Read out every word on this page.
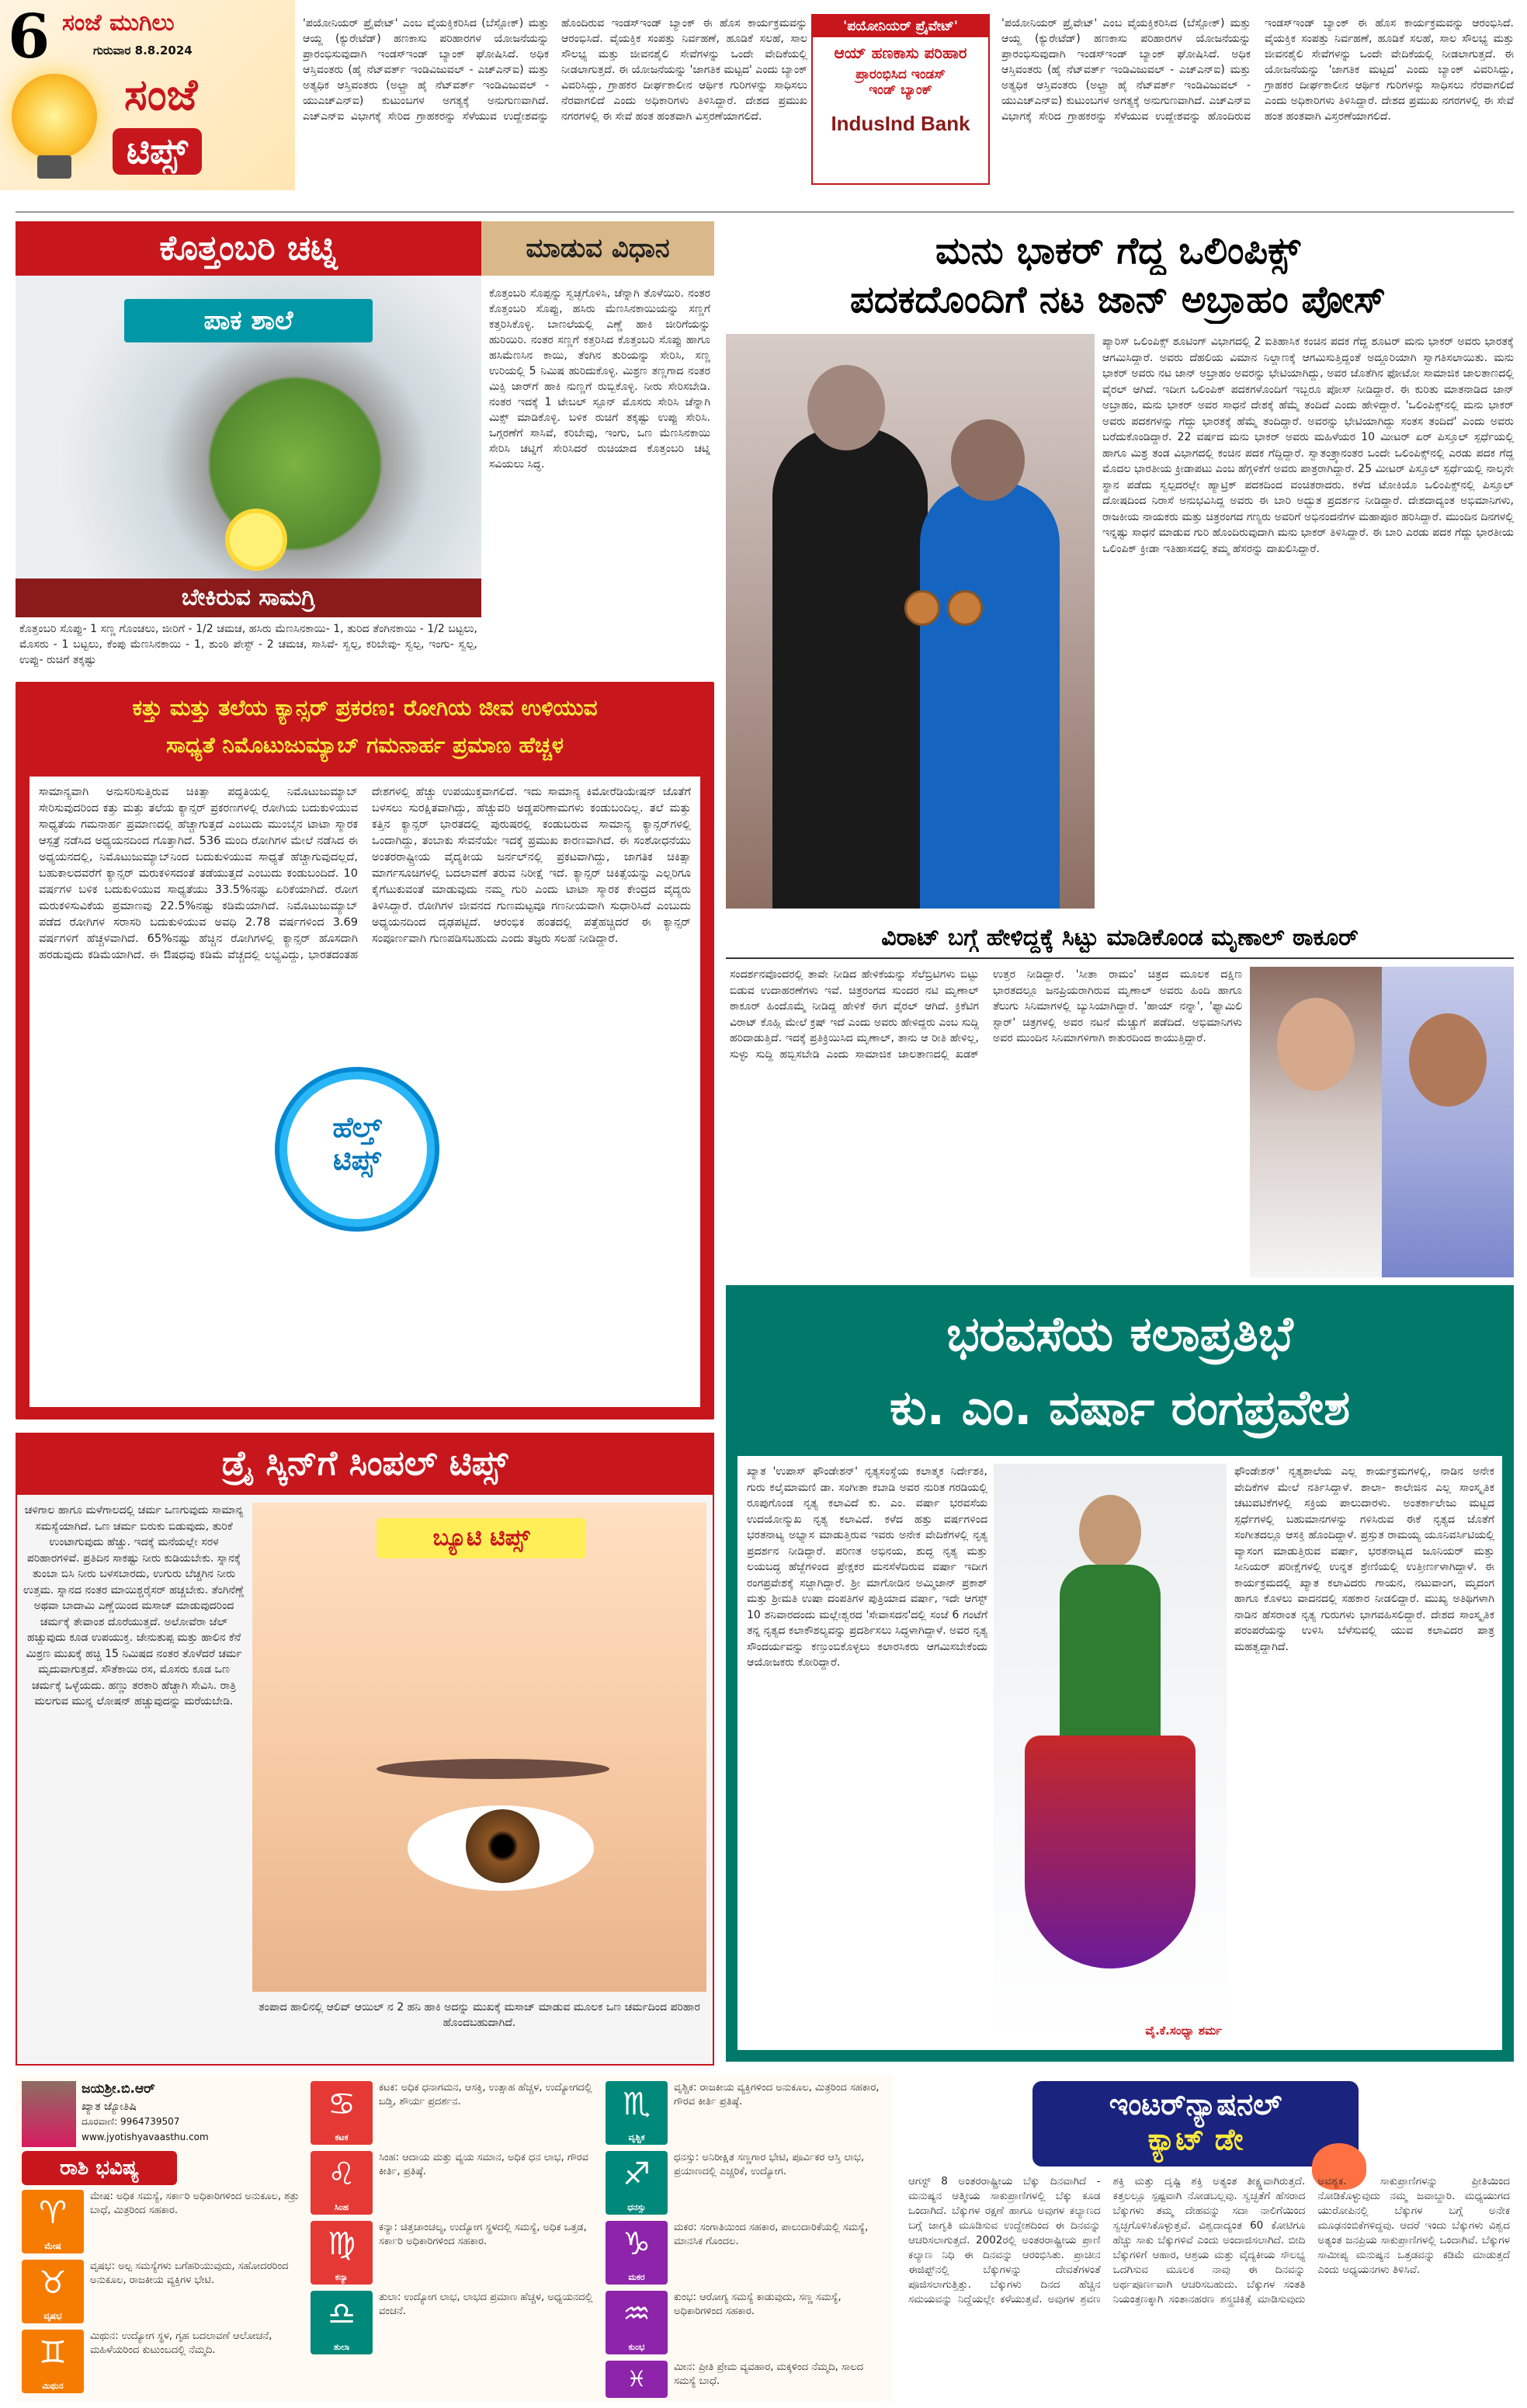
6 ಸಂಜೆ ಮುಗಿಲು
ಗುರುವಾರ 8.8.2024
ಸಂಜೆ
ಟಿಪ್ಸ್
'ಪಯೋನಿಯರ್ ಪ್ರೈವೇಟ್' ಎಂಬ ವೈಯಕ್ತಿಕರಿಸಿದ (ಬೆಸ್ಪೋಕ್) ಮತ್ತು ಆಯ್ದ (ಕ್ಯುರೇಟೆಡ್) ಹಣಕಾಸು ಪರಿಹಾರಗಳ ಯೋಜನೆಯನ್ನು ಪ್ರಾರಂಭಿಸುವುದಾಗಿ ಇಂಡಸ್‌ಇಂಡ್ ಬ್ಯಾಂಕ್ ಘೋಷಿಸಿದೆ. ಅಧಿಕ ಆಸ್ತಿವಂತರು (ಹೈ ನೆಟ್‌ವರ್ತ್ ಇಂಡಿವಿಜುವಲ್ - ಎಚ್‌ಎನ್‌ಐ) ಮತ್ತು ಅತ್ಯಧಿಕ ಆಸ್ತಿವಂತರು (ಅಲ್ಟ್ರಾ ಹೈ ನೆಟ್‌ವರ್ತ್ ಇಂಡಿವಿಜುವಲ್ - ಯುಎಚ್‌ಎನ್‌ಐ) ಕುಟುಂಬಗಳ ಅಗತ್ಯಕ್ಕೆ ಅನುಗುಣವಾಗಿದೆ. ಎಚ್‌ಎನ್‌ಐ ವಿಭಾಗಕ್ಕೆ ಸೇರಿದ ಗ್ರಾಹಕರನ್ನು ಸೆಳೆಯುವ ಉದ್ದೇಶವನ್ನು ಹೊಂದಿರುವ ಇಂಡಸ್‌ಇಂಡ್ ಬ್ಯಾಂಕ್ ಈ ಹೊಸ ಕಾರ್ಯಕ್ರಮವನ್ನು ಆರಂಭಿಸಿದೆ. ವೈಯಕ್ತಿಕ ಸಂಪತ್ತು ನಿರ್ವಹಣೆ, ಹೂಡಿಕೆ ಸಲಹೆ, ಸಾಲ ಸೌಲಭ್ಯ ಮತ್ತು ಜೀವನಶೈಲಿ ಸೇವೆಗಳನ್ನು ಒಂದೇ ವೇದಿಕೆಯಲ್ಲಿ ನೀಡಲಾಗುತ್ತದೆ. ಈ ಯೋಜನೆಯನ್ನು 'ಜಾಗತಿಕ ಮಟ್ಟದ' ಎಂದು ಬ್ಯಾಂಕ್ ವಿವರಿಸಿದ್ದು, ಗ್ರಾಹಕರ ದೀರ್ಘಕಾಲೀನ ಆರ್ಥಿಕ ಗುರಿಗಳನ್ನು ಸಾಧಿಸಲು ನೆರವಾಗಲಿದೆ ಎಂದು ಅಧಿಕಾರಿಗಳು ತಿಳಿಸಿದ್ದಾರೆ. ದೇಶದ ಪ್ರಮುಖ ನಗರಗಳಲ್ಲಿ ಈ ಸೇವೆ ಹಂತ ಹಂತವಾಗಿ ವಿಸ್ತರಣೆಯಾಗಲಿದೆ.
'ಪಯೋನಿಯರ್ ಪ್ರೈವೇಟ್'
ಆಯ್ ಹಣಕಾಸು ಪರಿಹಾರ
ಪ್ರಾರಂಭಿಸಿದ ಇಂಡಸ್
ಇಂಡ್ ಬ್ಯಾಂಕ್
IndusInd Bank
'ಪಯೋನಿಯರ್ ಪ್ರೈವೇಟ್' ಎಂಬ ವೈಯಕ್ತಿಕರಿಸಿದ (ಬೆಸ್ಪೋಕ್) ಮತ್ತು ಆಯ್ದ (ಕ್ಯುರೇಟೆಡ್) ಹಣಕಾಸು ಪರಿಹಾರಗಳ ಯೋಜನೆಯನ್ನು ಪ್ರಾರಂಭಿಸುವುದಾಗಿ ಇಂಡಸ್‌ಇಂಡ್ ಬ್ಯಾಂಕ್ ಘೋಷಿಸಿದೆ. ಅಧಿಕ ಆಸ್ತಿವಂತರು (ಹೈ ನೆಟ್‌ವರ್ತ್ ಇಂಡಿವಿಜುವಲ್ - ಎಚ್‌ಎನ್‌ಐ) ಮತ್ತು ಅತ್ಯಧಿಕ ಆಸ್ತಿವಂತರು (ಅಲ್ಟ್ರಾ ಹೈ ನೆಟ್‌ವರ್ತ್ ಇಂಡಿವಿಜುವಲ್ - ಯುಎಚ್‌ಎನ್‌ಐ) ಕುಟುಂಬಗಳ ಅಗತ್ಯಕ್ಕೆ ಅನುಗುಣವಾಗಿದೆ. ಎಚ್‌ಎನ್‌ಐ ವಿಭಾಗಕ್ಕೆ ಸೇರಿದ ಗ್ರಾಹಕರನ್ನು ಸೆಳೆಯುವ ಉದ್ದೇಶವನ್ನು ಹೊಂದಿರುವ ಇಂಡಸ್‌ಇಂಡ್ ಬ್ಯಾಂಕ್ ಈ ಹೊಸ ಕಾರ್ಯಕ್ರಮವನ್ನು ಆರಂಭಿಸಿದೆ. ವೈಯಕ್ತಿಕ ಸಂಪತ್ತು ನಿರ್ವಹಣೆ, ಹೂಡಿಕೆ ಸಲಹೆ, ಸಾಲ ಸೌಲಭ್ಯ ಮತ್ತು ಜೀವನಶೈಲಿ ಸೇವೆಗಳನ್ನು ಒಂದೇ ವೇದಿಕೆಯಲ್ಲಿ ನೀಡಲಾಗುತ್ತದೆ. ಈ ಯೋಜನೆಯನ್ನು 'ಜಾಗತಿಕ ಮಟ್ಟದ' ಎಂದು ಬ್ಯಾಂಕ್ ವಿವರಿಸಿದ್ದು, ಗ್ರಾಹಕರ ದೀರ್ಘಕಾಲೀನ ಆರ್ಥಿಕ ಗುರಿಗಳನ್ನು ಸಾಧಿಸಲು ನೆರವಾಗಲಿದೆ ಎಂದು ಅಧಿಕಾರಿಗಳು ತಿಳಿಸಿದ್ದಾರೆ. ದೇಶದ ಪ್ರಮುಖ ನಗರಗಳಲ್ಲಿ ಈ ಸೇವೆ ಹಂತ ಹಂತವಾಗಿ ವಿಸ್ತರಣೆಯಾಗಲಿದೆ.
ಕೊತ್ತಂಬರಿ ಚಟ್ನಿ	ಮಾಡುವ ವಿಧಾನ
ಪಾಕ ಶಾಲೆ
ಬೇಕಿರುವ ಸಾಮಗ್ರಿ
ಕೊತ್ತಂಬರಿ ಸೊಪ್ಪು- 1 ಸಣ್ಣ ಗೊಂಚಲು, ಜೀರಿಗೆ - 1/2 ಚಮಚ, ಹಸಿರು ಮೆಣಸಿನಕಾಯಿ- 1, ತುರಿದ ತೆಂಗಿನಕಾಯಿ - 1/2 ಬಟ್ಟಲು, ಮೊಸರು - 1 ಬಟ್ಟಲು, ಕೆಂಪು ಮೆಣಸಿನಕಾಯಿ - 1, ಶುಂಠಿ ಪೇಸ್ಟ್ - 2 ಚಮಚ, ಸಾಸಿವೆ- ಸ್ವಲ್ಪ, ಕರಿಬೇವು- ಸ್ವಲ್ಪ, ಇಂಗು- ಸ್ವಲ್ಪ, ಉಪ್ಪು- ರುಚಿಗೆ ತಕ್ಕಷ್ಟು
ಕೊತ್ತಂಬರಿ ಸೊಪ್ಪನ್ನು ಸ್ವಚ್ಛಗೊಳಿಸಿ, ಚೆನ್ನಾಗಿ ತೊಳೆಯಿರಿ. ನಂತರ ಕೊತ್ತಂಬರಿ ಸೊಪ್ಪು, ಹಸಿರು ಮೆಣಸಿನಕಾಯಿಯನ್ನು ಸಣ್ಣಗೆ ಕತ್ತರಿಸಿಕೊಳ್ಳಿ. ಬಾಣಲೆಯಲ್ಲಿ ಎಣ್ಣೆ ಹಾಕಿ ಜೀರಿಗೆಯನ್ನು ಹುರಿಯಿರಿ. ನಂತರ ಸಣ್ಣಗೆ ಕತ್ತರಿಸಿದ ಕೊತ್ತಂಬರಿ ಸೊಪ್ಪು ಹಾಗೂ ಹಸಿಮೆಣಸಿನ ಕಾಯಿ, ತೆಂಗಿನ ತುರಿಯನ್ನು ಸೇರಿಸಿ, ಸಣ್ಣ ಉರಿಯಲ್ಲಿ 5 ನಿಮಿಷ ಹುರಿದುಕೊಳ್ಳಿ. ಮಿಶ್ರಣ ತಣ್ಣಗಾದ ನಂತರ ಮಿಕ್ಸಿ ಜಾರ್‌ಗೆ ಹಾಕಿ ನುಣ್ಣಗೆ ರುಬ್ಬಿಕೊಳ್ಳಿ. ನೀರು ಸೇರಿಸಬೇಡಿ. ನಂತರ ಇದಕ್ಕೆ 1 ಟೇಬಲ್ ಸ್ಪೂನ್ ಮೊಸರು ಸೇರಿಸಿ ಚೆನ್ನಾಗಿ ಮಿಕ್ಸ್ ಮಾಡಿಕೊಳ್ಳಿ. ಬಳಿಕ ರುಚಿಗೆ ತಕ್ಕಷ್ಟು ಉಪ್ಪು ಸೇರಿಸಿ. ಒಗ್ಗರಣೆಗೆ ಸಾಸಿವೆ, ಕರಿಬೇವು, ಇಂಗು, ಒಣ ಮೆಣಸಿನಕಾಯಿ ಸೇರಿಸಿ ಚಟ್ನಿಗೆ ಸೇರಿಸಿದರೆ ರುಚಿಯಾದ ಕೊತ್ತಂಬರಿ ಚಟ್ನಿ ಸವಿಯಲು ಸಿದ್ಧ.
ಮನು ಭಾಕರ್ ಗೆದ್ದ ಒಲಿಂಪಿಕ್ಸ್
ಪದಕದೊಂದಿಗೆ ನಟ ಜಾನ್ ಅಬ್ರಾಹಂ ಪೋಸ್
ಪ್ಯಾರಿಸ್ ಒಲಿಂಪಿಕ್ಸ್ ಶೂಟಿಂಗ್ ವಿಭಾಗದಲ್ಲಿ 2 ಐತಿಹಾಸಿಕ ಕಂಚಿನ ಪದಕ ಗೆದ್ದ ಶೂಟರ್ ಮನು ಭಾಕರ್ ಅವರು ಭಾರತಕ್ಕೆ ಆಗಮಿಸಿದ್ದಾರೆ. ಅವರು ದೆಹಲಿಯ ವಿಮಾನ ನಿಲ್ದಾಣಕ್ಕೆ ಆಗಮಿಸುತ್ತಿದ್ದಂತೆ ಅದ್ದೂರಿಯಾಗಿ ಸ್ವಾಗತಿಸಲಾಯಿತು. ಮನು ಭಾಕರ್ ಅವರು ನಟ ಜಾನ್ ಅಬ್ರಾಹಂ ಅವರನ್ನು ಭೇಟಿಯಾಗಿದ್ದು, ಅವರ ಜೊತೆಗಿನ ಫೋಟೋ ಸಾಮಾಜಿಕ ಜಾಲತಾಣದಲ್ಲಿ ವೈರಲ್ ಆಗಿದೆ. ಇದೀಗ ಒಲಿಂಪಿಕ್ ಪದಕಗಳೊಂದಿಗೆ ಇಬ್ಬರೂ ಪೋಸ್ ನೀಡಿದ್ದಾರೆ. ಈ ಕುರಿತು ಮಾತನಾಡಿದ ಜಾನ್ ಅಬ್ರಾಹಂ, ಮನು ಭಾಕರ್ ಅವರ ಸಾಧನೆ ದೇಶಕ್ಕೆ ಹೆಮ್ಮೆ ತಂದಿದೆ ಎಂದು ಹೇಳಿದ್ದಾರೆ. 'ಒಲಿಂಪಿಕ್ಸ್‌ನಲ್ಲಿ ಮನು ಭಾಕರ್ ಅವರು ಪದಕಗಳನ್ನು ಗೆದ್ದು ಭಾರತಕ್ಕೆ ಹೆಮ್ಮೆ ತಂದಿದ್ದಾರೆ. ಅವರನ್ನು ಭೇಟಿಯಾಗಿದ್ದು ಸಂತಸ ತಂದಿದೆ' ಎಂದು ಅವರು ಬರೆದುಕೊಂಡಿದ್ದಾರೆ. 22 ವರ್ಷದ ಮನು ಭಾಕರ್ ಅವರು ಮಹಿಳೆಯರ 10 ಮೀಟರ್ ಏರ್ ಪಿಸ್ತೂಲ್ ಸ್ಪರ್ಧೆಯಲ್ಲಿ ಹಾಗೂ ಮಿಶ್ರ ತಂಡ ವಿಭಾಗದಲ್ಲಿ ಕಂಚಿನ ಪದಕ ಗೆದ್ದಿದ್ದಾರೆ. ಸ್ವಾತಂತ್ರ್ಯಾನಂತರ ಒಂದೇ ಒಲಿಂಪಿಕ್ಸ್‌ನಲ್ಲಿ ಎರಡು ಪದಕ ಗೆದ್ದ ಮೊದಲ ಭಾರತೀಯ ಕ್ರೀಡಾಪಟು ಎಂಬ ಹೆಗ್ಗಳಿಕೆಗೆ ಅವರು ಪಾತ್ರರಾಗಿದ್ದಾರೆ. 25 ಮೀಟರ್ ಪಿಸ್ತೂಲ್ ಸ್ಪರ್ಧೆಯಲ್ಲಿ ನಾಲ್ಕನೇ ಸ್ಥಾನ ಪಡೆದು ಸ್ವಲ್ಪದರಲ್ಲೇ ಹ್ಯಾಟ್ರಿಕ್ ಪದಕದಿಂದ ವಂಚಿತರಾದರು. ಕಳೆದ ಟೋಕಿಯೊ ಒಲಿಂಪಿಕ್ಸ್‌ನಲ್ಲಿ ಪಿಸ್ತೂಲ್ ದೋಷದಿಂದ ನಿರಾಸೆ ಅನುಭವಿಸಿದ್ದ ಅವರು ಈ ಬಾರಿ ಅದ್ಭುತ ಪ್ರದರ್ಶನ ನೀಡಿದ್ದಾರೆ. ದೇಶದಾದ್ಯಂತ ಅಭಿಮಾನಿಗಳು, ರಾಜಕೀಯ ನಾಯಕರು ಮತ್ತು ಚಿತ್ರರಂಗದ ಗಣ್ಯರು ಅವರಿಗೆ ಅಭಿನಂದನೆಗಳ ಮಹಾಪೂರ ಹರಿಸಿದ್ದಾರೆ. ಮುಂದಿನ ದಿನಗಳಲ್ಲಿ ಇನ್ನಷ್ಟು ಸಾಧನೆ ಮಾಡುವ ಗುರಿ ಹೊಂದಿರುವುದಾಗಿ ಮನು ಭಾಕರ್ ತಿಳಿಸಿದ್ದಾರೆ. ಈ ಬಾರಿ ಎರಡು ಪದಕ ಗೆದ್ದು ಭಾರತೀಯ ಒಲಿಂಪಿಕ್ ಕ್ರೀಡಾ ಇತಿಹಾಸದಲ್ಲಿ ತಮ್ಮ ಹೆಸರನ್ನು ದಾಖಲಿಸಿದ್ದಾರೆ.
ಕತ್ತು ಮತ್ತು ತಲೆಯ ಕ್ಯಾನ್ಸರ್ ಪ್ರಕರಣ: ರೋಗಿಯ ಜೀವ ಉಳಿಯುವ
ಸಾಧ್ಯತೆ ನಿಮೊಟುಜುಮ್ಯಾಬ್ ಗಮನಾರ್ಹ ಪ್ರಮಾಣ ಹೆಚ್ಚಳ
ಸಾಮಾನ್ಯವಾಗಿ ಅನುಸರಿಸುತ್ತಿರುವ ಚಿಕಿತ್ಸಾ ಪದ್ಧತಿಯಲ್ಲಿ ನಿಮೊಟುಜುಮ್ಯಾಬ್ ಸೇರಿಸುವುದರಿಂದ ಕತ್ತು ಮತ್ತು ತಲೆಯ ಕ್ಯಾನ್ಸರ್ ಪ್ರಕರಣಗಳಲ್ಲಿ ರೋಗಿಯ ಬದುಕುಳಿಯುವ ಸಾಧ್ಯತೆಯ ಗಮನಾರ್ಹ ಪ್ರಮಾಣದಲ್ಲಿ ಹೆಚ್ಚಾಗುತ್ತದೆ ಎಂಬುದು ಮುಂಬೈನ ಟಾಟಾ ಸ್ಮಾರಕ ಆಸ್ಪತ್ರೆ ನಡೆಸಿದ ಅಧ್ಯಯನದಿಂದ ಗೊತ್ತಾಗಿದೆ. 536 ಮಂದಿ ರೋಗಿಗಳ ಮೇಲೆ ನಡೆಸಿದ ಈ ಅಧ್ಯಯನದಲ್ಲಿ, ನಿಮೊಟುಜುಮ್ಯಾಬ್‌ನಿಂದ ಬದುಕುಳಿಯುವ ಸಾಧ್ಯತೆ ಹೆಚ್ಚಾಗುವುದಲ್ಲದೆ, ಬಹುಕಾಲದವರೆಗೆ ಕ್ಯಾನ್ಸರ್ ಮರುಕಳಿಸದಂತೆ ತಡೆಯುತ್ತದೆ ಎಂಬುದು ಕಂಡುಬಂದಿದೆ. 10 ವರ್ಷಗಳ ಬಳಿಕ ಬದುಕುಳಿಯುವ ಸಾಧ್ಯತೆಯು 33.5%ನಷ್ಟು ಏರಿಕೆಯಾಗಿದೆ. ರೋಗ ಮರುಕಳಿಸುವಿಕೆಯ ಪ್ರಮಾಣವು 22.5%ನಷ್ಟು ಕಡಿಮೆಯಾಗಿದೆ. ನಿಮೊಟುಜುಮ್ಯಾಬ್ ಪಡೆದ ರೋಗಿಗಳ ಸರಾಸರಿ ಬದುಕುಳಿಯುವ ಅವಧಿ 2.78 ವರ್ಷಗಳಿಂದ 3.69 ವರ್ಷಗಳಿಗೆ ಹೆಚ್ಚಳವಾಗಿದೆ. 65%ನಷ್ಟು ಹೆಚ್ಚಿನ ರೋಗಿಗಳಲ್ಲಿ ಕ್ಯಾನ್ಸರ್ ಹೊಸದಾಗಿ ಹರಡುವುದು ಕಡಿಮೆಯಾಗಿದೆ. ಈ ಔಷಧವು ಕಡಿಮೆ ವೆಚ್ಚದಲ್ಲಿ ಲಭ್ಯವಿದ್ದು, ಭಾರತದಂತಹ ದೇಶಗಳಲ್ಲಿ ಹೆಚ್ಚು ಉಪಯುಕ್ತವಾಗಲಿದೆ. ಇದು ಸಾಮಾನ್ಯ ಕಿಮೋರೆಡಿಯೇಷನ್ ಜೊತೆಗೆ ಬಳಸಲು ಸುರಕ್ಷಿತವಾಗಿದ್ದು, ಹೆಚ್ಚುವರಿ ಅಡ್ಡಪರಿಣಾಮಗಳು ಕಂಡುಬಂದಿಲ್ಲ. ತಲೆ ಮತ್ತು ಕತ್ತಿನ ಕ್ಯಾನ್ಸರ್ ಭಾರತದಲ್ಲಿ ಪುರುಷರಲ್ಲಿ ಕಂಡುಬರುವ ಸಾಮಾನ್ಯ ಕ್ಯಾನ್ಸರ್‌ಗಳಲ್ಲಿ ಒಂದಾಗಿದ್ದು, ತಂಬಾಕು ಸೇವನೆಯೇ ಇದಕ್ಕೆ ಪ್ರಮುಖ ಕಾರಣವಾಗಿದೆ. ಈ ಸಂಶೋಧನೆಯು ಅಂತರರಾಷ್ಟ್ರೀಯ ವೈದ್ಯಕೀಯ ಜರ್ನಲ್‌ನಲ್ಲಿ ಪ್ರಕಟವಾಗಿದ್ದು, ಜಾಗತಿಕ ಚಿಕಿತ್ಸಾ ಮಾರ್ಗಸೂಚಿಗಳಲ್ಲಿ ಬದಲಾವಣೆ ತರುವ ನಿರೀಕ್ಷೆ ಇದೆ. ಕ್ಯಾನ್ಸರ್ ಚಿಕಿತ್ಸೆಯನ್ನು ಎಲ್ಲರಿಗೂ ಕೈಗೆಟುಕುವಂತೆ ಮಾಡುವುದು ನಮ್ಮ ಗುರಿ ಎಂದು ಟಾಟಾ ಸ್ಮಾರಕ ಕೇಂದ್ರದ ವೈದ್ಯರು ತಿಳಿಸಿದ್ದಾರೆ. ರೋಗಿಗಳ ಜೀವನದ ಗುಣಮಟ್ಟವೂ ಗಣನೀಯವಾಗಿ ಸುಧಾರಿಸಿದೆ ಎಂಬುದು ಅಧ್ಯಯನದಿಂದ ದೃಢಪಟ್ಟಿದೆ. ಆರಂಭಿಕ ಹಂತದಲ್ಲಿ ಪತ್ತೆಹಚ್ಚಿದರೆ ಈ ಕ್ಯಾನ್ಸರ್ ಸಂಪೂರ್ಣವಾಗಿ ಗುಣಪಡಿಸಬಹುದು ಎಂದು ತಜ್ಞರು ಸಲಹೆ ನೀಡಿದ್ದಾರೆ.
ಹೆಲ್ತ್
ಟಿಪ್ಸ್
ವಿರಾಟ್ ಬಗ್ಗೆ ಹೇಳಿದ್ದಕ್ಕೆ ಸಿಟ್ಟು ಮಾಡಿಕೊಂಡ ಮೃಣಾಲ್ ಠಾಕೂರ್
ಸಂದರ್ಶನವೊಂದರಲ್ಲಿ ತಾವೇ ನೀಡಿದ ಹೇಳಿಕೆಯನ್ನು ಸೆಲೆಬ್ರಿಟಿಗಳು ಬಿಟ್ಟು ಬಿಡುವ ಉದಾಹರಣೆಗಳು ಇವೆ. ಚಿತ್ರರಂಗದ ಸುಂದರ ನಟಿ ಮೃಣಾಲ್ ಠಾಕೂರ್ ಹಿಂದೊಮ್ಮೆ ನೀಡಿದ್ದ ಹೇಳಿಕೆ ಈಗ ವೈರಲ್ ಆಗಿದೆ. ಕ್ರಿಕೆಟಿಗ ವಿರಾಟ್ ಕೊಹ್ಲಿ ಮೇಲೆ ಕ್ರಷ್ ಇದೆ ಎಂದು ಅವರು ಹೇಳಿದ್ದರು ಎಂಬ ಸುದ್ದಿ ಹರಿದಾಡುತ್ತಿದೆ. ಇದಕ್ಕೆ ಪ್ರತಿಕ್ರಿಯಿಸಿದ ಮೃಣಾಲ್, ತಾನು ಆ ರೀತಿ ಹೇಳಿಲ್ಲ, ಸುಳ್ಳು ಸುದ್ದಿ ಹಬ್ಬಿಸಬೇಡಿ ಎಂದು ಸಾಮಾಜಿಕ ಜಾಲತಾಣದಲ್ಲಿ ಖಡಕ್ ಉತ್ತರ ನೀಡಿದ್ದಾರೆ. 'ಸೀತಾ ರಾಮಂ' ಚಿತ್ರದ ಮೂಲಕ ದಕ್ಷಿಣ ಭಾರತದಲ್ಲೂ ಜನಪ್ರಿಯರಾಗಿರುವ ಮೃಣಾಲ್ ಅವರು ಹಿಂದಿ ಹಾಗೂ ತೆಲುಗು ಸಿನಿಮಾಗಳಲ್ಲಿ ಬ್ಯುಸಿಯಾಗಿದ್ದಾರೆ. 'ಹಾಯ್ ನನ್ನಾ', 'ಫ್ಯಾಮಿಲಿ ಸ್ಟಾರ್' ಚಿತ್ರಗಳಲ್ಲಿ ಅವರ ನಟನೆ ಮೆಚ್ಚುಗೆ ಪಡೆದಿದೆ. ಅಭಿಮಾನಿಗಳು ಅವರ ಮುಂದಿನ ಸಿನಿಮಾಗಳಿಗಾಗಿ ಕಾತುರದಿಂದ ಕಾಯುತ್ತಿದ್ದಾರೆ.
ಭರವಸೆಯ ಕಲಾಪ್ರತಿಭೆ
ಕು. ಎಂ. ವರ್ಷಾ ರಂಗಪ್ರವೇಶ
ಖ್ಯಾತ 'ಉಪಾಸ್ ಫೌಂಡೇಶನ್' ನೃತ್ಯಸಂಸ್ಥೆಯ ಕಲಾತ್ಮಕ ನಿರ್ದೇಶಕಿ, ಗುರು ಕಲೈಮಾಮಣಿ ಡಾ. ಸಂಗೀತಾ ಕಬಾಡಿ ಅವರ ನುರಿತ ಗರಡಿಯಲ್ಲಿ ರೂಪುಗೊಂಡ ನೃತ್ಯ ಕಲಾವಿದೆ ಕು. ಎಂ. ವರ್ಷಾ ಭರವಸೆಯ ಉದಯೋನ್ಮುಖ ನೃತ್ಯ ಕಲಾವಿದೆ. ಕಳೆದ ಹತ್ತು ವರ್ಷಗಳಿಂದ ಭರತನಾಟ್ಯ ಅಭ್ಯಾಸ ಮಾಡುತ್ತಿರುವ ಇವರು ಅನೇಕ ವೇದಿಕೆಗಳಲ್ಲಿ ನೃತ್ಯ ಪ್ರದರ್ಶನ ನೀಡಿದ್ದಾರೆ. ಪರಿಣತ ಅಭಿನಯ, ಶುದ್ಧ ನೃತ್ಯ ಮತ್ತು ಲಯಬದ್ಧ ಹೆಜ್ಜೆಗಳಿಂದ ಪ್ರೇಕ್ಷಕರ ಮನಸೆಳೆದಿರುವ ವರ್ಷಾ ಇದೀಗ ರಂಗಪ್ರವೇಶಕ್ಕೆ ಸಜ್ಜಾಗಿದ್ದಾರೆ. ಶ್ರೀ ಮಾಗೋಡಿನ ಅಮ್ಮಿಜಾನ್ ಪ್ರಕಾಶ್ ಮತ್ತು ಶ್ರೀಮತಿ ಉಷಾ ದಂಪತಿಗಳ ಪುತ್ರಿಯಾದ ವರ್ಷಾ, ಇದೇ ಆಗಸ್ಟ್ 10 ಶನಿವಾರದಂದು ಮಲ್ಲೇಶ್ವರದ 'ಸೇವಾಸದನ'ದಲ್ಲಿ ಸಂಜೆ 6 ಗಂಟೆಗೆ ತನ್ನ ನೃತ್ಯದ ಕಲಾಕೌಶಲ್ಯವನ್ನು ಪ್ರದರ್ಶಿಸಲು ಸಿದ್ಧಳಾಗಿದ್ದಾಳೆ. ಅವರ ನೃತ್ಯ ಸೌಂದರ್ಯವನ್ನು ಕಣ್ತುಂಬಿಕೊಳ್ಳಲು ಕಲಾರಸಿಕರು ಆಗಮಿಸಬೇಕೆಂದು ಆಯೋಜಕರು ಕೋರಿದ್ದಾರೆ.
ವೈ.ಕೆ.ಸಂಧ್ಯಾ ಶರ್ಮ
ಫೌಂಡೇಶನ್' ನೃತ್ಯಶಾಲೆಯ ಎಲ್ಲ ಕಾರ್ಯಕ್ರಮಗಳಲ್ಲಿ, ನಾಡಿನ ಅನೇಕ ವೇದಿಕೆಗಳ ಮೇಲೆ ನರ್ತಿಸಿದ್ದಾಳೆ. ಶಾಲಾ- ಕಾಲೇಜಿನ ಎಲ್ಲ ಸಾಂಸ್ಕೃತಿಕ ಚಟುವಟಿಕೆಗಳಲ್ಲಿ ಸಕ್ರಿಯ ಪಾಲುದಾರಳು. ಅಂತರ್ಕಾಲೇಜು ಮಟ್ಟದ ಸ್ಪರ್ಧೆಗಳಲ್ಲಿ ಬಹುಮಾನಗಳನ್ನು ಗಳಿಸಿರುವ ಈಕೆ ನೃತ್ಯದ ಜೊತೆಗೆ ಸಂಗೀತದಲ್ಲೂ ಆಸಕ್ತಿ ಹೊಂದಿದ್ದಾಳೆ. ಪ್ರಸ್ತುತ ರಾಮಯ್ಯ ಯೂನಿವರ್ಸಿಟಿಯಲ್ಲಿ ವ್ಯಾಸಂಗ ಮಾಡುತ್ತಿರುವ ವರ್ಷಾ, ಭರತನಾಟ್ಯದ ಜೂನಿಯರ್ ಮತ್ತು ಸೀನಿಯರ್ ಪರೀಕ್ಷೆಗಳಲ್ಲಿ ಉನ್ನತ ಶ್ರೇಣಿಯಲ್ಲಿ ಉತ್ತೀರ್ಣಳಾಗಿದ್ದಾಳೆ. ಈ ಕಾರ್ಯಕ್ರಮದಲ್ಲಿ ಖ್ಯಾತ ಕಲಾವಿದರು ಗಾಯನ, ನಟುವಾಂಗ, ಮೃದಂಗ ಹಾಗೂ ಕೊಳಲು ವಾದನದಲ್ಲಿ ಸಹಕಾರ ನೀಡಲಿದ್ದಾರೆ. ಮುಖ್ಯ ಅತಿಥಿಗಳಾಗಿ ನಾಡಿನ ಹೆಸರಾಂತ ನೃತ್ಯ ಗುರುಗಳು ಭಾಗವಹಿಸಲಿದ್ದಾರೆ. ದೇಶದ ಸಾಂಸ್ಕೃತಿಕ ಪರಂಪರೆಯನ್ನು ಉಳಿಸಿ ಬೆಳೆಸುವಲ್ಲಿ ಯುವ ಕಲಾವಿದರ ಪಾತ್ರ ಮಹತ್ವದ್ದಾಗಿದೆ.
ಡ್ರೈ ಸ್ಕಿನ್‌ಗೆ ಸಿಂಪಲ್ ಟಿಪ್ಸ್
ಚಳಿಗಾಲ ಹಾಗೂ ಮಳೆಗಾಲದಲ್ಲಿ ಚರ್ಮ ಒಣಗುವುದು ಸಾಮಾನ್ಯ ಸಮಸ್ಯೆಯಾಗಿದೆ. ಒಣ ಚರ್ಮ ಬಿರುಕು ಬಿಡುವುದು, ತುರಿಕೆ ಉಂಟಾಗುವುದು ಹೆಚ್ಚು. ಇದಕ್ಕೆ ಮನೆಯಲ್ಲೇ ಸರಳ ಪರಿಹಾರಗಳಿವೆ. ಪ್ರತಿದಿನ ಸಾಕಷ್ಟು ನೀರು ಕುಡಿಯಬೇಕು. ಸ್ನಾನಕ್ಕೆ ತುಂಬಾ ಬಿಸಿ ನೀರು ಬಳಸಬಾರದು, ಉಗುರು ಬೆಚ್ಚಗಿನ ನೀರು ಉತ್ತಮ. ಸ್ನಾನದ ನಂತರ ಮಾಯಿಶ್ಚರೈಸರ್ ಹಚ್ಚಬೇಕು. ತೆಂಗಿನೆಣ್ಣೆ ಅಥವಾ ಬಾದಾಮಿ ಎಣ್ಣೆಯಿಂದ ಮಸಾಜ್ ಮಾಡುವುದರಿಂದ ಚರ್ಮಕ್ಕೆ ತೇವಾಂಶ ದೊರೆಯುತ್ತದೆ. ಅಲೋವೆರಾ ಜೆಲ್ ಹಚ್ಚುವುದು ಕೂಡ ಉಪಯುಕ್ತ. ಜೇನುತುಪ್ಪ ಮತ್ತು ಹಾಲಿನ ಕೆನೆ ಮಿಶ್ರಣ ಮುಖಕ್ಕೆ ಹಚ್ಚಿ 15 ನಿಮಿಷದ ನಂತರ ತೊಳೆದರೆ ಚರ್ಮ ಮೃದುವಾಗುತ್ತದೆ. ಸೌತೆಕಾಯಿ ರಸ, ಮೊಸರು ಕೂಡ ಒಣ ಚರ್ಮಕ್ಕೆ ಒಳ್ಳೆಯದು. ಹಣ್ಣು ತರಕಾರಿ ಹೆಚ್ಚಾಗಿ ಸೇವಿಸಿ. ರಾತ್ರಿ ಮಲಗುವ ಮುನ್ನ ಲೋಷನ್ ಹಚ್ಚುವುದನ್ನು ಮರೆಯಬೇಡಿ.
ಬ್ಯೂಟಿ ಟಿಪ್ಸ್
ತಂಪಾದ ಹಾಲಿನಲ್ಲಿ ಆಲಿವ್ ಆಯಿಲ್ ನ 2 ಹನಿ ಹಾಕಿ ಅದನ್ನು ಮುಖಕ್ಕೆ ಮಸಾಜ್ ಮಾಡುವ ಮೂಲಕ ಒಣ ಚರ್ಮದಿಂದ ಪರಿಹಾರ ಹೊಂದಬಹುದಾಗಿದೆ.
ಜಯಶ್ರೀ.ಬಿ.ಆರ್
ಖ್ಯಾತ ಜ್ಯೋತಿಷಿ
ದೂರವಾಣಿ: 9964739507
www.jyotishyavaasthu.com
ರಾಶಿ ಭವಿಷ್ಯ
♈
ಮೇಷ
ಮೇಷ: ಅಧಿಕ ಸಮಸ್ಯೆ, ಸರ್ಕಾರಿ ಅಧಿಕಾರಿಗಳಿಂದ ಅನುಕೂಲ, ಶತ್ರು ಬಾಧೆ, ಮಿತ್ರರಿಂದ ಸಹಕಾರ.
♉
ವೃಷಭ
ವೃಷಭ: ಅಲ್ಪ ಸಮಸ್ಯೆಗಳು ಬಗೆಹರಿಯುವುದು, ಸಹೋದರರಿಂದ ಅನುಕೂಲ, ರಾಜಕೀಯ ವ್ಯಕ್ತಿಗಳ ಭೇಟಿ.
♊
ಮಿಥುನ
ಮಿಥುನ: ಉದ್ಯೋಗ ಸ್ಥಳ, ಗೃಹ ಬದಲಾವಣೆ ಆಲೋಚನೆ, ಮಹಿಳೆಯರಿಂದ ಕುಟುಂಬದಲ್ಲಿ ನೆಮ್ಮದಿ.
♋
ಕಟಕ
ಕಟಕ: ಅಧಿಕ ಧನಾಗಮನ, ಆಸಕ್ತಿ, ಉತ್ಸಾಹ ಹೆಚ್ಚಳ, ಉದ್ಯೋಗದಲ್ಲಿ ಬಡ್ತಿ, ಶೌರ್ಯ ಪ್ರದರ್ಶನ.
♌
ಸಿಂಹ
ಸಿಂಹ: ಆದಾಯ ಮತ್ತು ವ್ಯಯ ಸಮಾನ, ಅಧಿಕ ಧನ ಲಾಭ, ಗೌರವ ಕೀರ್ತಿ, ಪ್ರತಿಷ್ಠೆ.
♍
ಕನ್ಯಾ
ಕನ್ಯಾ: ಚಿತ್ತಚಾಂಚಲ್ಯ, ಉದ್ಯೋಗ ಸ್ಥಳದಲ್ಲಿ ಸಮಸ್ಯೆ, ಅಧಿಕ ಒತ್ತಡ, ಸರ್ಕಾರಿ ಅಧಿಕಾರಿಗಳಿಂದ ಸಹಕಾರ.
♎
ತುಲಾ
ತುಲಾ: ಉದ್ಯೋಗ ಲಾಭ, ಲಾಭದ ಪ್ರಮಾಣ ಹೆಚ್ಚಳ, ಅಧ್ಯಯನದಲ್ಲಿ ವಂಚನೆ.
♏
ವೃಶ್ಚಿಕ
ವೃಶ್ಚಿಕ: ರಾಜಕೀಯ ವ್ಯಕ್ತಿಗಳಿಂದ ಅನುಕೂಲ, ಮಿತ್ರರಿಂದ ಸಹಕಾರ, ಗೌರವ ಕೀರ್ತಿ ಪ್ರತಿಷ್ಠೆ.
♐
ಧನಸ್ಸು
ಧನಸ್ಸು: ಅನಿರೀಕ್ಷಿತ ಸಣ್ಣಗಾರ ಭೇಟಿ, ಪೂರ್ವಿಕರ ಆಸ್ತಿ ಲಾಭ, ಪ್ರಯಾಣದಲ್ಲಿ ಎಚ್ಚರಿಕೆ, ಉದ್ಯೋಗ.
♑
ಮಕರ
ಮಕರ: ಸಂಗಾತಿಯಿಂದ ಸಹಕಾರ, ಪಾಲುದಾರಿಕೆಯಲ್ಲಿ ಸಮಸ್ಯೆ, ಮಾನಸಿಕ ಗೊಂದಲ.
♒
ಕುಂಭ
ಕುಂಭ: ಆರೋಗ್ಯ ಸಮಸ್ಯೆ ಕಾಡುವುದು, ಸಣ್ಣ ಸಮಸ್ಯೆ, ಅಧಿಕಾರಿಗಳಿಂದ ಸಹಕಾರ.
♓	ಮೀನ: ಪ್ರೀತಿ ಪ್ರೇಮ ವ್ಯವಹಾರ, ಮಕ್ಕಳಿಂದ ನೆಮ್ಮದಿ, ಸಾಲದ ಸಮಸ್ಯೆ ಬಾಧೆ.
ಇಂಟರ್‌ನ್ಯಾಷನಲ್
ಕ್ಯಾಟ್ ಡೇ
ಆಗಸ್ಟ್ 8 ಅಂತರರಾಷ್ಟ್ರೀಯ ಬೆಕ್ಕು ದಿನವಾಗಿದೆ - ಮನುಷ್ಯನ ಆತ್ಮೀಯ ಸಾಕುಪ್ರಾಣಿಗಳಲ್ಲಿ ಬೆಕ್ಕು ಕೂಡ ಒಂದಾಗಿದೆ. ಬೆಕ್ಕುಗಳ ರಕ್ಷಣೆ ಹಾಗೂ ಅವುಗಳ ಕಲ್ಯಾಣದ ಬಗ್ಗೆ ಜಾಗೃತಿ ಮೂಡಿಸುವ ಉದ್ದೇಶದಿಂದ ಈ ದಿನವನ್ನು ಆಚರಿಸಲಾಗುತ್ತದೆ. 2002ರಲ್ಲಿ ಅಂತರರಾಷ್ಟ್ರೀಯ ಪ್ರಾಣಿ ಕಲ್ಯಾಣ ನಿಧಿ ಈ ದಿನವನ್ನು ಆರಂಭಿಸಿತು. ಪ್ರಾಚೀನ ಈಜಿಪ್ಟ್‌ನಲ್ಲಿ ಬೆಕ್ಕುಗಳನ್ನು ದೇವತೆಗಳಂತೆ ಪೂಜಿಸಲಾಗುತ್ತಿತ್ತು. ಬೆಕ್ಕುಗಳು ದಿನದ ಹೆಚ್ಚಿನ ಸಮಯವನ್ನು ನಿದ್ದೆಯಲ್ಲೇ ಕಳೆಯುತ್ತವೆ. ಅವುಗಳ ಶ್ರವಣ ಶಕ್ತಿ ಮತ್ತು ದೃಷ್ಟಿ ಶಕ್ತಿ ಅತ್ಯಂತ ತೀಕ್ಷ್ಣವಾಗಿರುತ್ತದೆ. ಕತ್ತಲಲ್ಲೂ ಸ್ಪಷ್ಟವಾಗಿ ನೋಡಬಲ್ಲವು. ಸ್ವಚ್ಛತೆಗೆ ಹೆಸರಾದ ಬೆಕ್ಕುಗಳು ತಮ್ಮ ದೇಹವನ್ನು ಸದಾ ನಾಲಿಗೆಯಿಂದ ಸ್ವಚ್ಛಗೊಳಿಸಿಕೊಳ್ಳುತ್ತವೆ. ವಿಶ್ವದಾದ್ಯಂತ 60 ಕೋಟಿಗೂ ಹೆಚ್ಚು ಸಾಕು ಬೆಕ್ಕುಗಳಿವೆ ಎಂದು ಅಂದಾಜಿಸಲಾಗಿದೆ. ಬೀದಿ ಬೆಕ್ಕುಗಳಿಗೆ ಆಹಾರ, ಆಶ್ರಯ ಮತ್ತು ವೈದ್ಯಕೀಯ ಸೌಲಭ್ಯ ಒದಗಿಸುವ ಮೂಲಕ ನಾವು ಈ ದಿನವನ್ನು ಅರ್ಥಪೂರ್ಣವಾಗಿ ಆಚರಿಸಬಹುದು. ಬೆಕ್ಕುಗಳ ಸಂತತಿ ನಿಯಂತ್ರಣಕ್ಕಾಗಿ ಸಂತಾನಹರಣ ಶಸ್ತ್ರಚಿಕಿತ್ಸೆ ಮಾಡಿಸುವುದು ಅವಶ್ಯಕ. ಸಾಕುಪ್ರಾಣಿಗಳನ್ನು ಪ್ರೀತಿಯಿಂದ ನೋಡಿಕೊಳ್ಳುವುದು ನಮ್ಮ ಜವಾಬ್ದಾರಿ. ಮಧ್ಯಯುಗದ ಯುರೋಪಿನಲ್ಲಿ ಬೆಕ್ಕುಗಳ ಬಗ್ಗೆ ಅನೇಕ ಮೂಢನಂಬಿಕೆಗಳಿದ್ದವು. ಆದರೆ ಇಂದು ಬೆಕ್ಕುಗಳು ವಿಶ್ವದ ಅತ್ಯಂತ ಜನಪ್ರಿಯ ಸಾಕುಪ್ರಾಣಿಗಳಲ್ಲಿ ಒಂದಾಗಿವೆ. ಬೆಕ್ಕುಗಳ ಸಾಮೀಪ್ಯ ಮನುಷ್ಯನ ಒತ್ತಡವನ್ನು ಕಡಿಮೆ ಮಾಡುತ್ತದೆ ಎಂದು ಅಧ್ಯಯನಗಳು ತಿಳಿಸಿವೆ.
